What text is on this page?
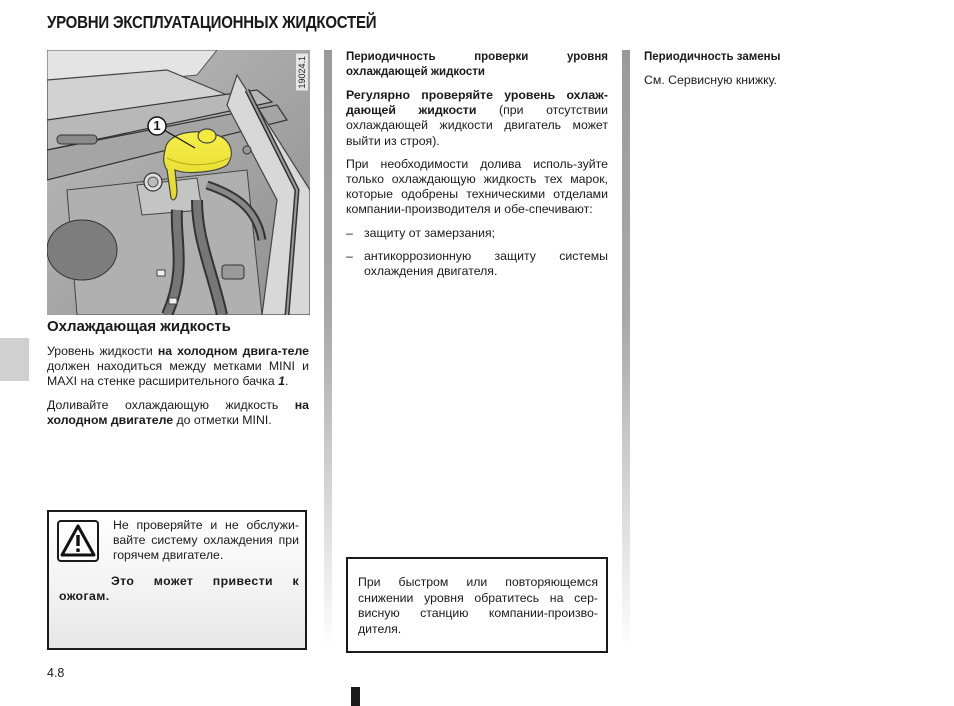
УРОВНИ ЭКСПЛУАТАЦИОННЫХ ЖИДКОСТЕЙ
1
19024.1
Охлаждающая жидкость

Уровень жидкости на холодном двига-теле должен находиться между метками MINI и MAXI на стенке расширительного бачка 1.

Доливайте охлаждающую жидкость на холодном двигателе до отметки MINI.

Не проверяйте и не обслужи-вайте систему охлаждения при горячем двигателе.
Это может привести к ожогам.
Периодичность проверки уровня охлаждающей жидкости

Регулярно проверяйте уровень охлаж-дающей жидкости (при отсутствии охлаждающей жидкости двигатель может выйти из строя).

При необходимости долива исполь-зуйте только охлаждающую жидкость тех марок, которые одобрены техническими отделами компании-производителя и обе-спечивают:

– защиту от замерзания;
– антикоррозионную защиту системы охлаждения двигателя.
При быстром или повторяющемся снижении уровня обратитесь на сер-висную станцию компании-произво-дителя.
Периодичность замены

См. Сервисную книжку.

4.8
